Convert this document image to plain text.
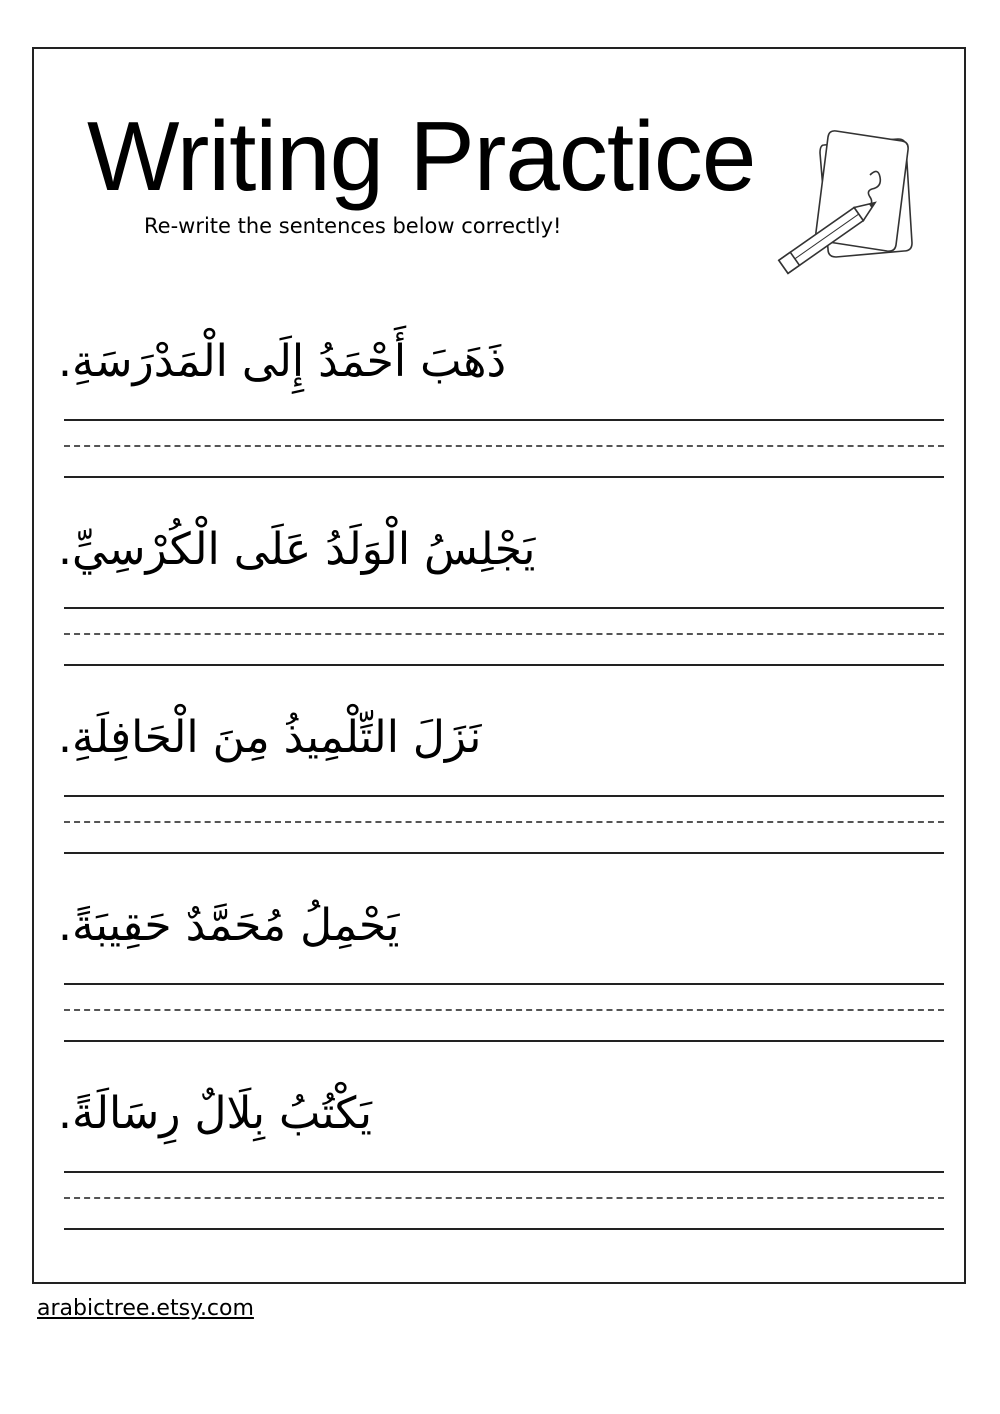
Writing Practice
Re-write the sentences below correctly!
ذَهَبَ أَحْمَدُ إِلَى الْمَدْرَسَةِ.
يَجْلِسُ الْوَلَدُ عَلَى الْكُرْسِيِّ.
نَزَلَ التِّلْمِيذُ مِنَ الْحَافِلَةِ.
يَحْمِلُ مُحَمَّدٌ حَقِيبَةً.
يَكْتُبُ بِلَالٌ رِسَالَةً.
arabictree.etsy.com
